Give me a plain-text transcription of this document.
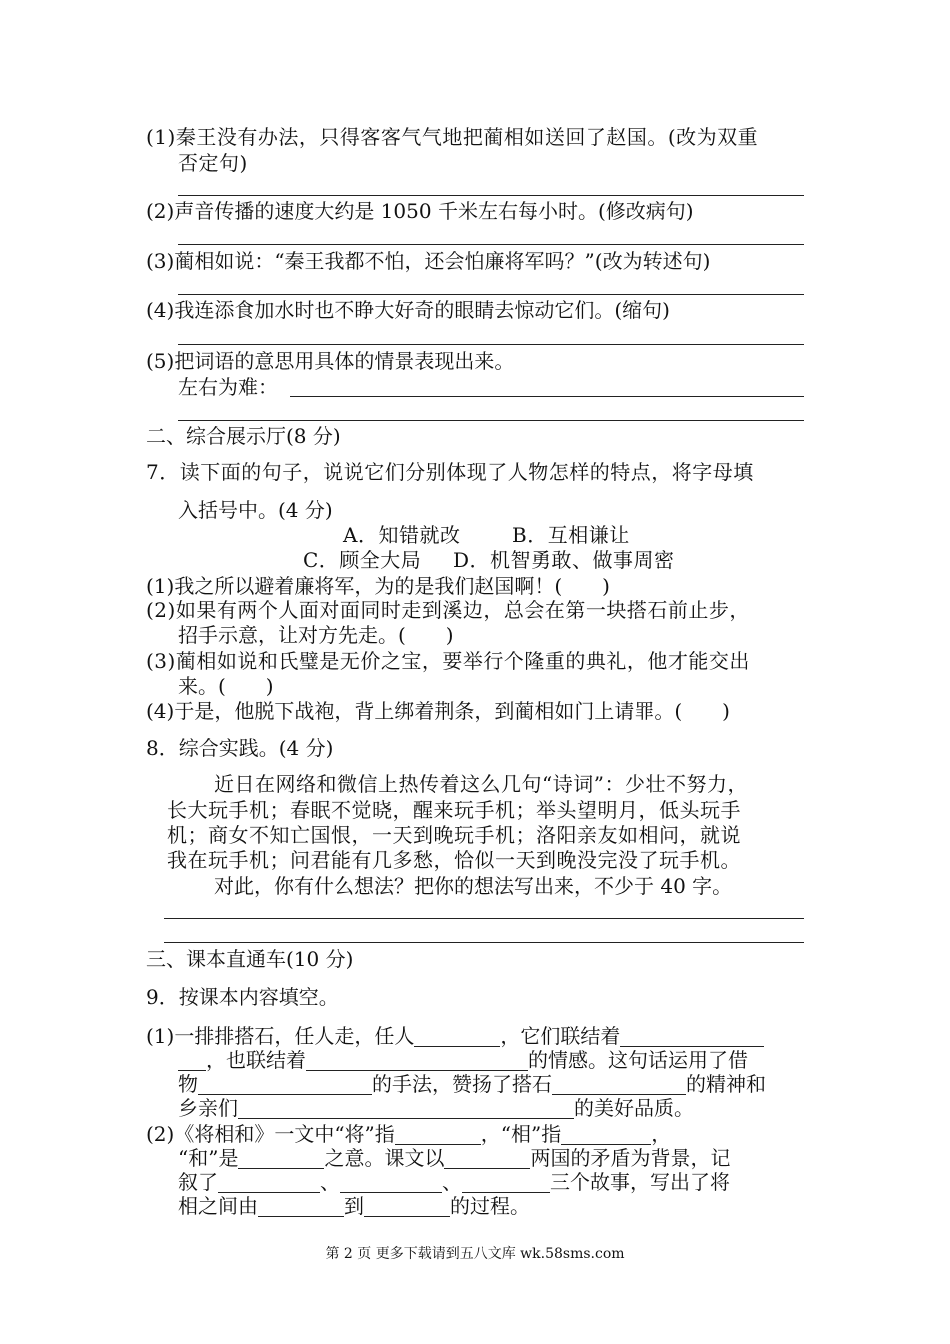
(1)秦王没有办法，只得客客气气地把蔺相如送回了赵国。(改为双重
否定句)
(2)声音传播的速度大约是 1050 千米左右每小时。(修改病句)
(3)蔺相如说：“秦王我都不怕，还会怕廉将军吗？”(改为转述句)
(4)我连添食加水时也不睁大好奇的眼睛去惊动它们。(缩句)
(5)把词语的意思用具体的情景表现出来。
左右为难：
二、综合展示厅(8 分)
7．读下面的句子，说说它们分别体现了人物怎样的特点，将字母填
入括号中。(4 分)
A．知错就改	B．互相谦让
C．顾全大局 D．机智勇敢、做事周密
(1)我之所以避着廉将军，为的是我们赵国啊！(　　)
(2)如果有两个人面对面同时走到溪边，总会在第一块搭石前止步，
招手示意，让对方先走。(　　)
(3)蔺相如说和氏璧是无价之宝，要举行个隆重的典礼，他才能交出
来。(　　)
(4)于是，他脱下战袍，背上绑着荆条，到蔺相如门上请罪。(　　)
8．综合实践。(4 分)
近日在网络和微信上热传着这么几句“诗词”：少壮不努力，
长大玩手机；春眠不觉晓，醒来玩手机；举头望明月，低头玩手
机；商女不知亡国恨，一天到晚玩手机；洛阳亲友如相问，就说
我在玩手机；问君能有几多愁，恰似一天到晚没完没了玩手机。
对此，你有什么想法？把你的想法写出来，不少于 40 字。
三、课本直通车(10 分)
9．按课本内容填空。
(1)一排排搭石，任人走，任人	，它们联结着
，也联结着	的情感。这句话运用了借
物	的手法，赞扬了搭石	的精神和
乡亲们	的美好品质。
(2)《将相和》一文中“将”指	，“相”指	，
“和”是	之意。课文以	两国的矛盾为背景，记
叙了	、	、	三个故事，写出了将
相之间由	到	的过程。
第 2 页 更多下载请到五八文库 wk.58sms.com
